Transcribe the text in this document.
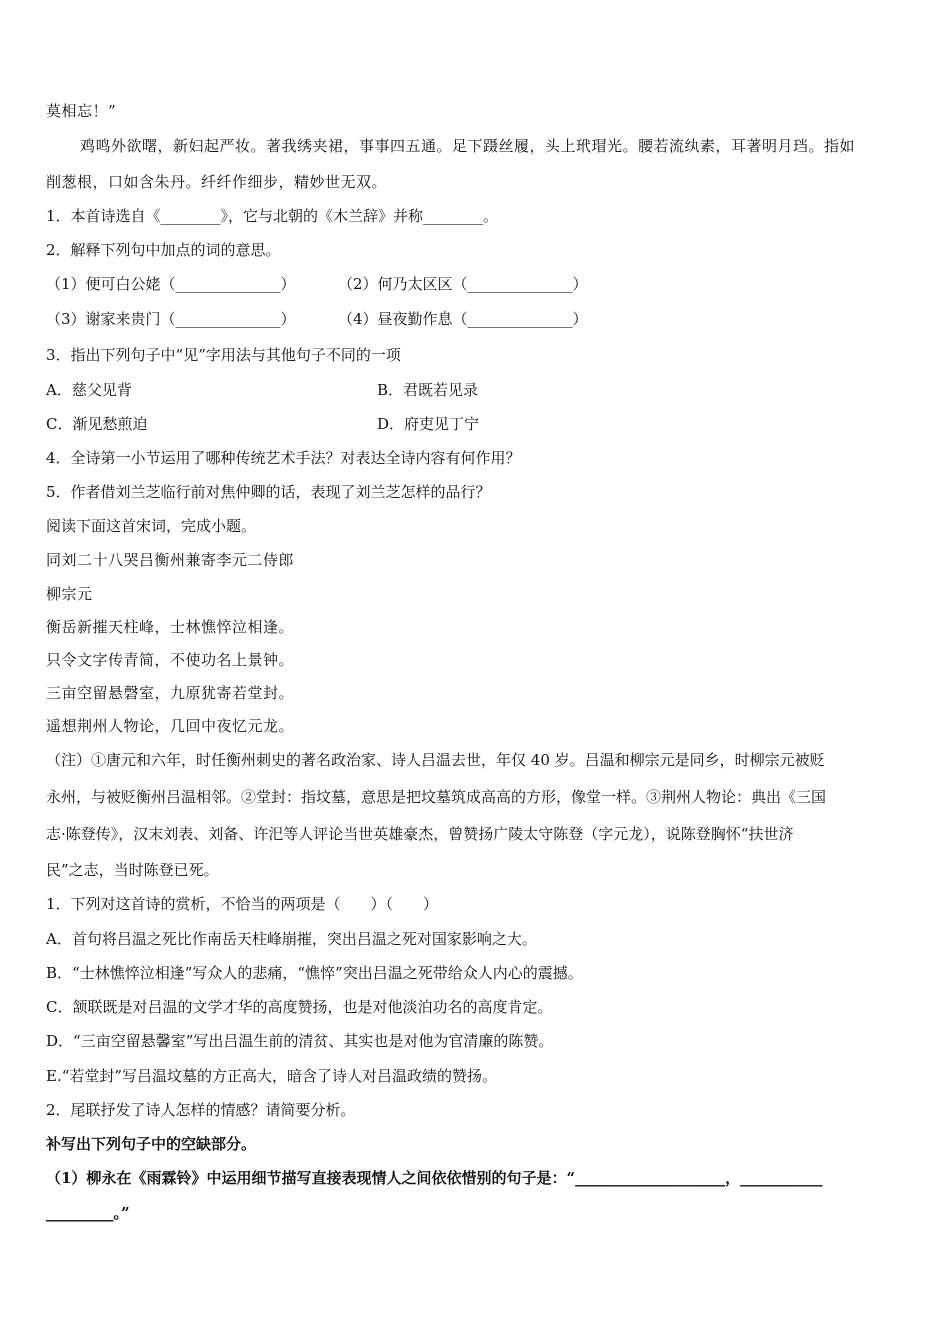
莫相忘！”
鸡鸣外欲曙，新妇起严妆。著我绣夹裙，事事四五通。足下蹑丝履，头上玳瑁光。腰若流纨素，耳著明月珰。指如
削葱根，口如含朱丹。纤纤作细步，精妙世无双。
1．本首诗选自《________》，它与北朝的《木兰辞》并称________。
2．解释下列句中加点的词的意思。
（1）便可白公姥（______________）	（2）何乃太区区（______________）
（3）谢家来贵门（______________）	（4）昼夜勤作息（______________）
3．指出下列句子中“见”字用法与其他句子不同的一项
A．慈父见背	B．君既若见录
C．渐见愁煎迫	D．府吏见丁宁
4．全诗第一小节运用了哪种传统艺术手法？对表达全诗内容有何作用？
5．作者借刘兰芝临行前对焦仲卿的话，表现了刘兰芝怎样的品行？
阅读下面这首宋词，完成小题。
同刘二十八哭吕衡州兼寄李元二侍郎
柳宗元
衡岳新摧天柱峰，士林憔悴泣相逢。
只令文字传青简，不使功名上景钟。
三亩空留悬磬室，九原犹寄若堂封。
遥想荆州人物论，几回中夜忆元龙。
（注）①唐元和六年，时任衡州刺史的著名政治家、诗人吕温去世，年仅 40 岁。吕温和柳宗元是同乡，时柳宗元被贬
永州，与被贬衡州吕温相邻。②堂封：指坟墓，意思是把坟墓筑成高高的方形，像堂一样。③荆州人物论：典出《三国
志·陈登传》，汉末刘表、刘备、许汜等人评论当世英雄豪杰，曾赞扬广陵太守陈登（字元龙），说陈登胸怀“扶世济
民”之志，当时陈登已死。
1．下列对这首诗的赏析，不恰当的两项是（　　）（　　）
A．首句将吕温之死比作南岳天柱峰崩摧，突出吕温之死对国家影响之大。
B．“士林憔悴泣相逢”写众人的悲痛，“憔悴”突出吕温之死带给众人内心的震撼。
C．颔联既是对吕温的文学才华的高度赞扬，也是对他淡泊功名的高度肯定。
D．“三亩空留悬馨室”写出吕温生前的清贫、其实也是对他为官清廉的陈赞。
E.“若堂封”写吕温坟墓的方正高大，暗含了诗人对吕温政绩的赞扬。
2．尾联抒发了诗人怎样的情感？请简要分析。
补写出下列句子中的空缺部分。
（1）柳永在《雨霖铃》中运用细节描写直接表现情人之间依依惜别的句子是：“____________________，___________
_________。”
